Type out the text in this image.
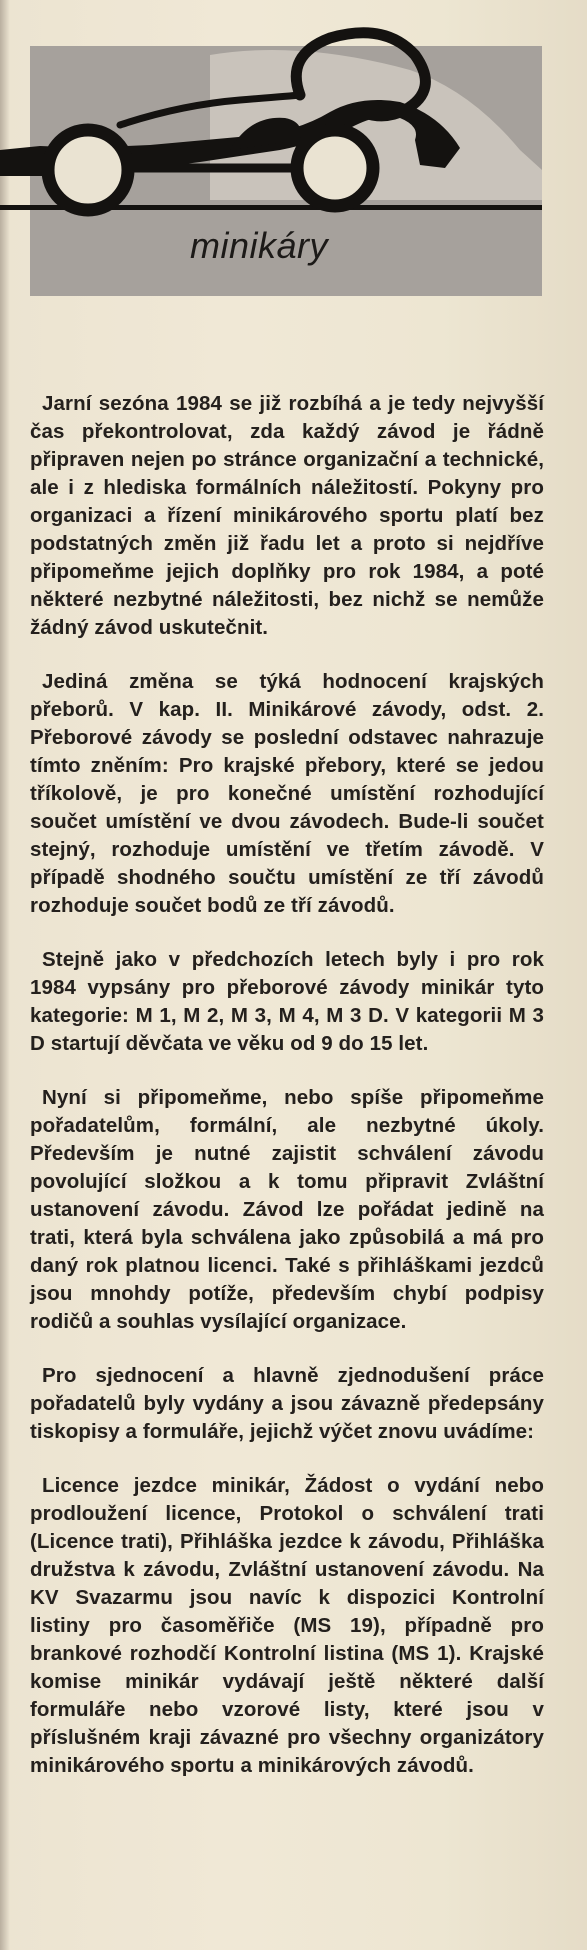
minikáry

Jarní sezóna 1984 se již rozbíhá a je tedy nejvyšší čas překontrolovat, zda každý závod je řádně připraven nejen po stránce organizační a technické, ale i z hlediska formálních náležitostí. Pokyny pro organizaci a řízení minikárového sportu platí bez podstatných změn již řadu let a proto si nejdříve připomeňme jejich doplňky pro rok 1984, a poté některé nezbytné náležitosti, bez nichž se nemůže žádný závod uskutečnit.

Jediná změna se týká hodnocení krajských přeborů. V kap. II. Minikárové závody, odst. 2. Přeborové závody se poslední odstavec nahrazuje tímto zněním: Pro krajské přebory, které se jedou tříkolově, je pro konečné umístění rozhodující součet umístění ve dvou závodech. Bude-li součet stejný, rozhoduje umístění ve třetím závodě. V případě shodného součtu umístění ze tří závodů rozhoduje součet bodů ze tří závodů.

Stejně jako v předchozích letech byly i pro rok 1984 vypsány pro přeborové závody minikár tyto kategorie: M 1, M 2, M 3, M 4, M 3 D. V kategorii M 3 D startují děvčata ve věku od 9 do 15 let.

Nyní si připomeňme, nebo spíše připomeňme pořadatelům, formální, ale nezbytné úkoly. Především je nutné zajistit schválení závodu povolující složkou a k tomu připravit Zvláštní ustanovení závodu. Závod lze pořádat jedině na trati, která byla schválena jako způsobilá a má pro daný rok platnou licenci. Také s přihláškami jezdců jsou mnohdy potíže, především chybí podpisy rodičů a souhlas vysílající organizace.

Pro sjednocení a hlavně zjednodušení práce pořadatelů byly vydány a jsou závazně předepsány tiskopisy a formuláře, jejichž výčet znovu uvádíme:

Licence jezdce minikár, Žádost o vydání nebo prodloužení licence, Protokol o schválení trati (Licence trati), Přihláška jezdce k závodu, Přihláška družstva k závodu, Zvláštní ustanovení závodu. Na KV Svazarmu jsou navíc k dispozici Kontrolní listiny pro časoměřiče (MS 19), případně pro brankové rozhodčí Kontrolní listina (MS 1). Krajské komise minikár vydávají ještě některé další formuláře nebo vzorové listy, které jsou v příslušném kraji závazné pro všechny organizátory minikárového sportu a minikárových závodů.
